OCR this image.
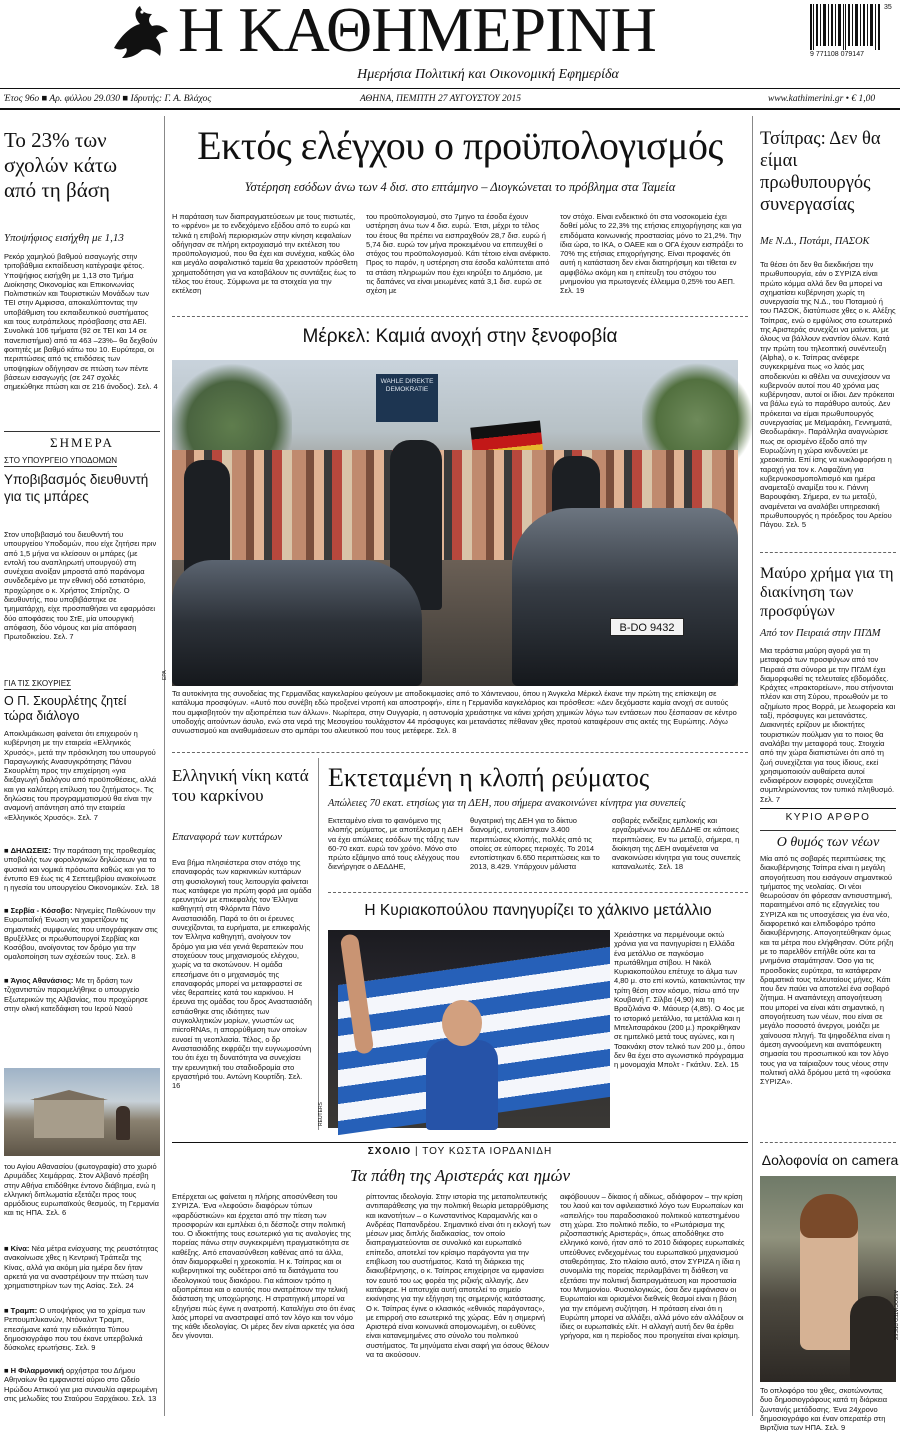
Η ΚΑΘΗΜΕΡΙΝΗ
Ημερήσια Πολιτική και Οικονομική Εφημερίδα
35
9 771108 079147
Έτος 96ο ■ Αρ. φύλλου 29.030 ■ Ιδρυτής: Γ. Α. Βλάχος	ΑΘΗΝΑ, ΠΕΜΠΤΗ 27 ΑΥΓΟΥΣΤΟΥ 2015	www.kathimerini.gr • € 1,00
Το 23% των σχολών κάτω από τη βάση
Υποψήφιος εισήχθη με 1,13
Ρεκόρ χαμηλού βαθμού εισαγωγής στην τριτοβάθμια εκπαίδευση κατέγραψε φέτος. Υποψήφιος εισήχθη με 1,13 στο Τμήμα Διοίκησης Οικονομίας και Επικοινωνίας Πολιτιστικών και Τουριστικών Μονάδων των ΤΕΙ στην Αμφισσα, αποκαλύπτοντας την υποβάθμιση του εκπαιδευτικού συστήματος και τους ευτράπελους πρόσβασης στα ΑΕΙ. Συνολικά 106 τμήματα (92 σε ΤΕΙ και 14 σε πανεπιστήμια) από τα 463 –23%– θα δεχθούν φοιτητές με βαθμό κάτω του 10. Ευρύτερα, οι περιπτώσεις από τις επιδόσεις των υποψηφίων οδήγησαν σε πτώση των πέντε βάσεων εισαγωγής (σε 247 σχολές σημειώθηκε πτώση και σε 216 άνοδος). Σελ. 4
ΣΗΜΕΡΑ
ΣΤΟ ΥΠΟΥΡΓΕΙΟ ΥΠΟΔΟΜΩΝ
Υποβιβασμός διευθυντή για τις μπάρες
Στον υποβιβασμό του διευθυντή του υπουργείου Υποδομών, που είχε ζητήσει πριν από 1,5 μήνα να κλείσουν οι μπάρες (με εντολή του αναπληρωτή υπουργού) στη συνέχεια ανοίξαν μπροστά από παράνομα συνδεδεμένο με την εθνική οδό εστιατόριο, προχώρησε ο κ. Χρήστος Σπίρτζης. Ο διευθυντής, που υποβιβάστηκε σε τμηματάρχη, είχε προσπαθήσει να εφαρμόσει δύο αποφάσεις του ΣτΕ, μία υπουργική απόφαση, δύο νόμους και μία απόφαση Πρωτοδικείου. Σελ. 7
ΓΙΑ ΤΙΣ ΣΚΟΥΡΙΕΣ
Ο Π. Σκουρλέτης ζητεί τώρα διάλογο
Αποκλιμάκωση φαίνεται ότι επιχειρούν η κυβέρνηση με την εταιρεία «Ελληνικός Χρυσός», μετά την πρόσκληση του υπουργού Παραγωγικής Ανασυγκρότησης Πάνου Σκουρλέτη προς την επιχείρηση «για διεξαγωγή διαλόγου από προϋποθέσεις, αλλά και για καλύτερη επίλυση του ζητήματος». Τις δηλώσεις του προγραμματισμού θα είναι την αναμονή απάντηση από την εταιρεία «Ελληνικός Χρυσός». Σελ. 7
■ ΔΗΛΩΣΕΙΣ: Την παράταση της προθεσμίας υποβολής των φορολογικών δηλώσεων για τα φυσικά και νομικά πρόσωπα καθώς και για το έντυπο Ε9 έως τις 4 Σεπτεμβρίου ανακοίνωσε η ηγεσία του υπουργείου Οικονομικών. Σελ. 18
■ Σερβία - Κόσοβο: Νηνεμίες Πειθώνουν την ΕυρωπαΪκή Ένωση να χαιρετίζουν τις σημαντικές συμφωνίες που υπογράφηκαν στις Βρυξέλλες οι πρωθυπουργοί Σερβίας και Κοσόβου, ανοίγοντας τον δρόμο για την ομαλοποίηση των σχέσεών τους. Σελ. 8
■ Άγιος Αθανάσιος: Με τη δράση των τζιχαντιστών παραμελήθηκε ο υπουργείο Εξωτερικών της Αλβανίας, που προχώρησε στην ολική κατεδάφιση του Ιερού Ναού
του Αγίου Αθανασίου (φωτογραφία) στο χωριό Δρυμάδες Χειμάρρας. Στον Αλβανό πρέσβη στην Αθήνα επιδόθηκε έντονο διάβημα, ενώ η ελληνική διπλωματία εξετάζει προς τους αρμόδιους ευρωπαϊκούς θεσμούς, τη Γερμανία και τις ΗΠΑ. Σελ. 6
■ Κίνα: Νέα μέτρα ενίσχυσης της ρευστότητας ανακοίνωσε χθες η Κεντρική Τράπεζα της Κίνας, αλλά για ακόμη μία ημέρα δεν ήταν αρκετά για να αναστρέψουν την πτώση των χρηματιστηρίων των της Ασίας. Σελ. 24
■ Τραμπ: Ο υποψήφιος για το χρίσμα των Ρεπουμπλικανών, Ντόναλντ Τραμπ, επεσήμανε κατά την ειδικότητα Τύπου δημοσιογράφο που του έκανε υπερβολικά δύσκολες ερωτήσεις. Σελ. 9
■ Η Φιλαρμονική ορχήστρα του Δήμου Αθηναίων θα εμφανιστεί αύριο στο Ωδείο Ηρώδου Αττικού για μια συναυλία αφιερωμένη στις μελωδίες του Σταύρου Ξαρχάκου. Σελ. 13
Εκτός ελέγχου ο προϋπολογισμός
Υστέρηση εσόδων άνω των 4 δισ. στο επτάμηνο – Διογκώνεται το πρόβλημα στα Ταμεία
Η παράταση των διαπραγματεύσεων με τους πιστωτές, το «φρένο» με το ενδεχόμενο εξόδου από το ευρώ και τελικά η επιβολή περιορισμών στην κίνηση κεφαλαίων οδήγησαν σε πλήρη εκτροχιασμό την εκτέλεση του προϋπολογισμού, που θα έχει και συνέχεια, καθώς όλο και μεγάλο ασφαλιστικό ταμεία θα χρειαστούν πρόσθετη χρηματοδότηση για να καταβάλουν τις συντάξεις έως το τέλος του έτους. Σύμφωνα με τα στοιχεία για την εκτέλεση
του προϋπολογισμού, στο 7μηνο τα έσοδα έχουν υστέρηση άνω των 4 δισ. ευρώ. Έτσι, μέχρι το τέλος του έτους θα πρέπει να εισπραχθούν 28,7 δισ. ευρώ ή 5,74 δισ. ευρώ τον μήνα προκειμένου να επιτευχθεί ο στόχος του προϋπολογισμού. Κάτι τέτοιο είναι ανέφικτο. Προς το παρόν, η υστέρηση στα έσοδα καλύπτεται από τα στάση πληρωμών που έχει κηρύξει το Δημόσιο, με τις δαπάνες να είναι μειωμένες κατά 3,1 δισ. ευρώ σε σχέση με
τον στόχο. Είναι ενδεικτικό ότι στα νοσοκομεία έχει δοθεί μόλις το 22,3% της ετήσιας επιχορήγησης και για επιδόματα κοινωνικής προστασίας μόνο το 21,2%. Την ίδια ώρα, το ΙΚΑ, ο ΟΑΕΕ και ο ΟΓΑ έχουν εισπράξει το 70% της ετήσιας επιχορήγησης. Είναι προφανές ότι αυτή η κατάσταση δεν είναι διατηρήσιμη και τίθεται εν αμφιβόλω ακόμη και η επίτευξη του στόχου του μνημονίου για πρωτογενές έλλειμμα 0,25% του ΑΕΠ. Σελ. 19
Μέρκελ: Καμιά ανοχή στην ξενοφοβία
WAHLE DIREKTE DEMOKRATIE
B-DO 9432
EPA
Τα αυτοκίνητα της συνοδείας της Γερμανίδας καγκελαρίου φεύγουν με αποδοκιμασίες από το Χάιντεναου, όπου η Άνγκελα Μέρκελ έκανε την πρώτη της επίσκεψη σε κατάλυμα προσφύγων. «Αυτό που συνέβη εδώ προξενεί ντροπή και αποστροφή», είπε η Γερμανίδα καγκελάριος και πρόσθεσε: «Δεν δεχόμαστε καμία ανοχή σε αυτούς που αμφισβητούν την αξιοπρέπεια των άλλων». Νωρίτερα, στην Ουγγαρία, η αστυνομία χρειάστηκε να κάνει χρήση χημικών λόγω των εντάσεων που ξέσπασαν σε κέντρο υποδοχής αιτούντων άσυλο, ενώ στα νερά της Μεσογείου τουλάχιστον 44 πρόσφυγες και μετανάστες πέθαναν χθες προτού καταφέρουν στις ακτές της Ευρώπης. Λόγω συνωστισμού και αναθυμιάσεων στο αμπάρι του αλιευτικού που τους μετέφερε. Σελ. 8
Ελληνική νίκη κατά του καρκίνου
Επαναφορά των κυττάρων
Ενα βήμα πλησιέστερα στον στόχο της επαναφοράς των καρκινικών κυττάρων στη φυσιολογική τους λειτουργία φαίνεται πως κατάφερε για πρώτη φορά μια ομάδα ερευνητών με επικεφαλής τον Έλληνα καθηγητή στη Φλόριντα Πάνο Αναστασιάδη. Παρά το ότι οι έρευνες συνεχίζονται, τα ευρήματα, με επικεφαλής τον Έλληνα καθηγητή, ανοίγουν τον δρόμο για μια νέα γενιά θεραπειών που στοχεύουν τους μηχανισμούς ελέγχου, χωρίς να τα σκοτώνουν. Η ομάδα επεσήμανε ότι ο μηχανισμός της επαναφοράς μπορεί να μεταφραστεί σε νέες θεραπείες κατά του καρκίνου. Η έρευνα της ομάδας του δρος Αναστασιάδη εστιάσθηκε στις ιδιότητες των συγκολλητικών μορίων, γνωστών ως microRNAs, η απορρύθμιση των οποίων ευνοεί τη νεοπλασία. Τέλος, ο δρ Αναστασιάδης εκφράζει την ευγνωμοσύνη του ότι έχει τη δυνατότητα να συνεχίσει την ερευνητική του σταδιοδρομία στο εργαστήριό του. Αντώνη Κουρτίδη. Σελ. 16
Εκτεταμένη η κλοπή ρεύματος
Απώλειες 70 εκατ. ετησίως για τη ΔΕΗ, που σήμερα ανακοινώνει κίνητρα για συνεπείς
Εκτεταμένο είναι το φαινόμενο της κλοπής ρεύματος, με αποτέλεσμα η ΔΕΗ να έχει απώλειες εσόδων της τάξης των 60-70 εκατ. ευρώ τον χρόνο. Μόνο στο πρώτο εξάμηνο από τους ελέγχους που διενήργησε ο ΔΕΔΔΗΕ,
θυγατρική της ΔΕΗ για το δίκτυο διανομής, εντοπίστηκαν 3.400 περιπτώσεις κλοπής, πολλές από τις οποίες σε εύπορες περιοχές. Το 2014 εντοπίστηκαν 6.650 περιπτώσεις και το 2013, 8.429. Υπάρχουν μάλιστα
σοβαρές ενδείξεις εμπλοκής και εργαζομένων του ΔΕΔΔΗΕ σε κάποιες περιπτώσεις. Εν τω μεταξύ, σήμερα, η διοίκηση της ΔΕΗ αναμένεται να ανακοινώσει κίνητρα για τους συνεπείς καταναλωτές. Σελ. 18
Η Κυριακοπούλου πανηγυρίζει το χάλκινο μετάλλιο
REUTERS
Χρειάστηκε να περιμένουμε οκτώ χρόνια για να πανηγυρίσει η Ελλάδα ένα μετάλλιο σε παγκόσμιο πρωτάθλημα στίβου. Η Νικόλ Κυριακοπούλου επέτυχε το άλμα των 4,80 μ. στο επί κοντώ, κατακτώντας την τρίτη θέση στον κόσμο, πίσω από την Κουβανή Γ. Σίλβα (4,90) και τη Βραζιλιάνα Φ. Μάουερ (4,85). Ο 4ος με το ιστορικό μετάλλιο, τα μετάλλια και η Μπελιτσαράκου (200 μ.) προκρίθηκαν σε ημιτελικό μετά τους αγώνες, και η Τσακνάκη στον τελικό των 200 μ., όπου δεν θα έχει στο αγωνιστικό πρόγραμμα η μονομαχία Μπολτ - Γκάτλιν. Σελ. 15
ΣΧΟΛΙΟ | ΤΟΥ ΚΩΣΤΑ ΙΟΡΔΑΝΙΔΗ
Τα πάθη της Αριστεράς και ημών
Επέρχεται ως φαίνεται η πλήρης αποσύνθεση του ΣΥΡΙΖΑ. Ένα «λεφούσι» διαφόρων τύπων «φαρδύστικών» και έρχεται από την πίεση των προσφορών και εμπλέκει ό,τι δέσποζε στην πολιτική του. Ο ιδιοκτήτης τους εσωτερικό για τις αναλογίες της πορείας πάνω στην συγκεκριμένη πραγματικότητα σε καθέξης. Από επανασύνθεση καθένας από τα άλλα, όταν διαμορφωθεί η χρεοκοπία. Η κ. Τσίπρας και οι κυβερνητικοί της ουδέτεροι από τα διατάγματα του ιδεολογικού τους διακόρου. Για κάποιον τρόπο η αξιοπρέπεια και ο εαυτός που ανατρέπουν την τελική διάσταση της υποχώρησης. Η στρατηγική μπορεί να εξηγήσει πώς έγινε η ανατροπή. Καταλήγει στο ότι ένας λαός μπορεί να αναστραφεί από τον λόγο και τον νόμο της κάθε ιδεολογίας. Οι μέρες δεν είναι αρκετές για όσα δεν γίνονται.
ρίπτοντας ιδεολογία. Στην ιστορία της μεταπολιτευτικής αντιπαράθεσης για την πολιτική θεωρία μεταρρύθμισης και ικανοτήτων – ο Κωνσταντίνος Καραμανλής και ο Ανδρέας Παπανδρέου. Σημαντικό είναι ότι η εκλογή των μέσων μιας διπλής διαδικασίας, τον οποίο διαπραγματεύονται σε συνολικό και ευρωπαϊκό επίπεδο, αποτελεί τον κρίσιμο παράγοντα για την επιβίωση του συστήματος. Κατά τη διάρκεια της διακυβέρνησης, ο κ. Τσίπρας επιχείρησε να εμφανίσει τον εαυτό του ως φορέα της ριζικής αλλαγής. Δεν κατάφερε. Η αποτυχία αυτή αποτελεί το σημείο εκκίνησης για την εξήγηση της σημερινής κατάστασης. Ο κ. Τσίπρας έγινε ο κλασικός «εθνικός παράγοντας», με επιρροή στο εσωτερικό της χώρας. Εάν η σημερινή Αριστερά είναι κοινωνικά απομονωμένη, οι ευθύνες είναι κατανεμημένες στο σύνολο του πολιτικού συστήματος. Τα μηνύματα είναι σαφή για όσους θέλουν να τα ακούσουν.
αιφόβουυυν – δίκαιος ή αδίκως, αδιάφορον – την κρίση του λαού και τον αφιλειαστικό λόγο των Ευρωπαίων και «απειλής» του παραδοσιακού πολιτικού κατεστημένου στη χώρα. Στο πολιτικό πεδίο, το «Ρωτάρισμα της ριζοσπαστικής Αριστεράς», όπως αποδόθηκε στο ελληνικό κοινό, ήταν από το 2010 διάφορες ευρωπαϊκές υπεύθυνες ενδεχομένως του ευρωπαϊκού μηχανισμού σταθερότητας. Στο πλαίσιο αυτό, στον ΣΥΡΙΖΑ η ίδια η συνομιλία της πορείας περιλαμβάνει τη διάθεση να εξετάσει την πολιτική διαπραγμάτευση και προστασία του Μνημονίου. Φυσιολογικώς, όσα δεν εμφάνισαν οι Ευρωπαίοι και ορισμένοι διεθνείς θεσμοί είναι η βάση για την επόμενη συζήτηση. Η πρόταση είναι ότι η Ευρώπη μπορεί να αλλάξει, αλλά μόνο εάν αλλάξουν οι ίδιες οι ευρωπαϊκές ελίτ. Η αλλαγή αυτή δεν θα έρθει γρήγορα, και η περίοδος που προηγείται είναι κρίσιμη.
Τσίπρας: Δεν θα είμαι πρωθυπουργός συνεργασίας
Με Ν.Δ., Ποτάμι, ΠΑΣΟΚ
Τα θέσει ότι δεν θα διεκδικήσει την πρωθυπουργία, εάν ο ΣΥΡΙΖΑ είναι πρώτο κόμμα αλλά δεν θα μπορεί να σχηματίσει κυβέρνηση χωρίς τη συνεργασία της Ν.Δ., του Ποταμιού ή του ΠΑΣΟΚ, διατύπωσε χθες ο κ. Αλέξης Τσίπρας, ενώ ο εμφύλιος στο εσωτερικό της Αριστεράς συνεχίζει να μαίνεται, με όλους να βάλλουν εναντίον όλων. Κατά την πρώτη του τηλεοπτική συνέντευξη (Alpha), ο κ. Τσίπρας ανέφερε συγκεκριμένα πως «ο λαός μας αποδεικνύει κι αθέλει να συνεχίσουν να κυβερνούν αυτοί που 40 χρόνια μας κυβέρνησαν, αυτοί οι ίδιοι. Δεν πρόκειται να βάλω εγώ το παράθυρο αυτούς. Δεν πρόκειται να είμαι πρωθυπουργός συνεργασίας με Μεϊμαράκη, Γεννηματά, Θεοδωράκη». Παράλληλα αναγνώρισε πως σε ορισμένο έξοδο από την Ευρωζώνη η χώρα κινδυνεύει με χρεοκοπία. Επί ίσης να κυκλοφορήσει η ταραχή για τον κ. Λαφαζάνη για κυβερνοκοσμοπολιτισμό και ημέρα αναμεταξύ αναμίξει του κ. Γιάννη Βαρουφάκη. Σήμερα, εν τω μεταξύ, αναμένεται να αναλάβει υπηρεσιακή πρωθυπουργός η πρόεδρος του Αρείου Πάγου. Σελ. 5
Μαύρο χρήμα για τη διακίνηση των προσφύγων
Από τον Πειραιά στην ΠΓΔΜ
Μια τεράστια μαύρη αγορά για τη μεταφορά των προσφύγων από τον Πειραιά στα σύνορα με την ΠΓΔΜ έχει διαμορφωθεί τις τελευταίες εβδομάδες. Κράχτες «πρακτορείων», που στήνονται πλέον και στη Σύρου, προωθούν με το αζημίωτο προς Βορρά, με λεωφορεία και ταξί, πρόσφυγες και μετανάστες. Διακινητές ερίζουν με ιδιοκτήτες τουριστικών πούλμαν για το ποιος θα αναλάβει την μεταφορά τους. Στοιχεία από την χώρα διαπιστώνει ότι από τη ζωή συνεχίζεται για τους ίδιους, εκεί χρησιμοποιούν αυθαίρετα αυτοί ενδιαφέρουν εισφορές συνεχίζεται συμπληρώνοντας τον τυπικό πληθυσμό. Σελ. 7
ΚΥΡΙΟ ΑΡΘΡΟ
Ο θυμός των νέων
Μία από τις σοβαρές περιπτώσεις της διακυβέρνησης Τσίπρα είναι η μεγάλη απογοήτευση που εισάγουν σημαντικού τμήματος της νεολαίας. Οι νέοι θεωρούσαν ότι φόρεσαν αντισυστημική, παραιτημένοι από τις εξαγγελίες του ΣΥΡΙΖΑ και τις υποσχέσεις για ένα νέο, διαφορετικό και ελπιδοφόρο τρόπο διακυβέρνησης. Απογοητεύθηκαν όμως και τα μέτρα που ελήφθησαν. Ούτε ρήξη με το παρελθόν επήλθε ούτε και τα μνημόνια σταμάτησαν. Όσο για τις προσδοκίες ευρύτερα, τα κατάφεραν δραματικά τους τελευταίους μήνες. Κάτι που δεν παύει να αποτελεί ένα σοβαρό ζήτημα. Η αναπάντεχη απογοήτευση που μπορεί να είναι κάτι σημαντικό, η απογοήτευση των νέων, που είναι σε μεγάλο ποσοστό άνεργοι, μοιάζει με χαίνουσα πληγή. Τα ψηφοδέλτια είναι η άμεση αγνοούμενη και αναπόφευκτη σημασία του προσωπικού και τον λόγο τους για να ταίριαζουν τους νέους στην πολιτική αλλά δρόμου μετά τη «φούσκα ΣΥΡΙΖΑ».
Δολοφονία on camera
ASSOCIATED PRESS
Το οπλοφόρο του χθες, σκοτώνοντας δυο δημοσιογράφους κατά τη διάρκεια ζωντανής μετάδοσης. Ένα 24χρονο δημοσιογράφο και έναν οπερατέρ στη Βιρτζίνια των ΗΠΑ. Σελ. 9
